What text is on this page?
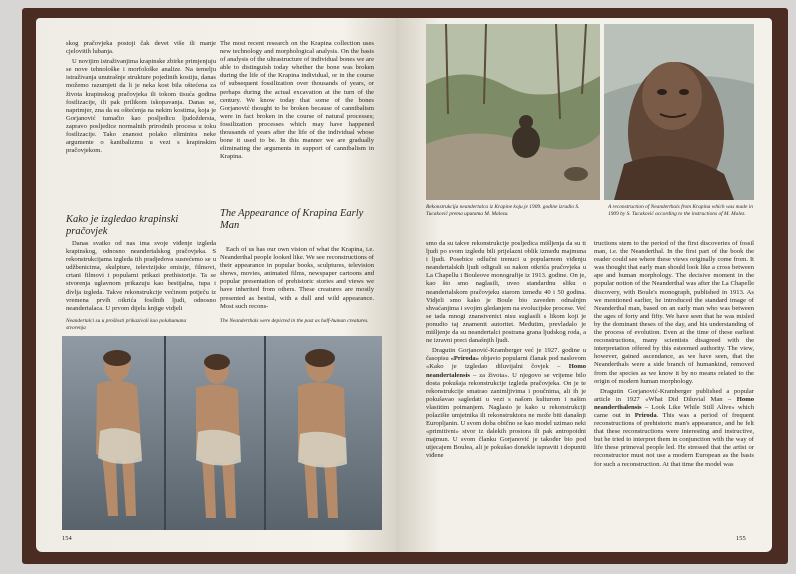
skog pračovjeka postoji čak devet više ili manje cjelovitih lubanja.

U novijim istraživanjima krapinske zbirke primjenjuju se nove tehnološke i morfološke analize. Na temelju istraživanja unutrašnje strukture pojedinih kostiju, danas možemo razumjeti da li je neka kost bila oštećena za života krapinskog pračovjeka ili tokom tisuća godina fosilizacije, ili pak prilikom iskopavanja. Danas se, naprimjer, zna da su oštećenja na nekim kostima, koja je Gorjanović tumačio kao posljedicu ljudoždersta, zapravo posljedice normalnih prirodnih procesa u toku fosilizacije. Tako znanost polako eliminira neke argumente o kanibalizmu u vezi s krapinskim pračovjekom.

The most recent research on the Krapina collection uses new technology and morphological analysis. On the basis of analysis of the ultrastructure of individual bones we are able to distinguish today whether the bone was broken during the life of the Krapina individual, or in the course of subsequent fossilization over thousands of years, or perhaps during the actual excavation at the turn of the century. We know today that some of the bones Gorjanović thought to be broken because of cannibalism were in fact broken in the course of natural processes; fossilization processes which may have happened thousands of years after the life of the individual whose bone it used to be. In this manner we are gradually eliminating the arguments in support of cannibalism in Krapina.

Kako je izgledao krapinski pračovjek
The Appearance of Krapina Early Man

Danas svatko od nas ima svoje viđenje izgleda krapinskog, odnosno neandertalskog pračovjeka. S rekonstrukcijama izgleda tih pradjedova susrećemo se u udžbenicima, skulpture, televizijske emisije, filmovi, crtani filmovi i popularni prikazi prethistorije. Ta se stvorenja uglavnom prikazuju kao bestijalna, tupa i divlja izgleda. Takve rekonstrukcije većinom potječu iz vremena prvih otkrića fosilnih ljudi, odnosno neandertalaca. U prvom dijelu knjige vidjeli

Each of us has our own vision of what the Krapina, i.e. Neanderthal people looked like. We see reconstructions of their appearance in popular books, sculptures, television shows, movies, animated films, newspaper cartoons and popular presentation of prehistoric stories and views we have inherited from others. These creatures are mostly presented as bestial, with a dull and wild appearance. Most such recons-

Neandertalci su u prošlosti prikazivali kao poluhumana stvorenja
The Neanderthals were depicted in the past as half-human creatures.
154
Rekonstrukcija neandertalca iz Krapine koju je 1909. godine izradio S. Tucaković prema uputama M. Maleza.
A reconstruction of Neanderthals from Krapina which was made in 1909 by S. Tucaković according to the instructions of M. Malez.

smo da su takve rekonstrukcije posljedica mišljenja da su ti ljudi po svom izgledu bili prijelazni oblik između majmuna i ljudi. Posebice odlučni trenuci u popularnom viđenju neandertalskih ljudi odigrali su nakon otkrića pračovjeka u La Chapellu i Bouleove monografije iz 1913. godine. On je, kao što smo naglasili, uveo standardnu sliku o neandertalskom pračovjeku starom između 40 i 50 godina. Vidjeli smo kako je Boule bio zaveden odnalnjm shvaćanjima i svojim gledanjem na evolucijske procese. Već se tada mnogi znanstvenici nisu suglasili s likom koji je ponudio taj znamenit autoritet. Međutim, prevladalo je mišljenje da su neandertalci postrana grana ljudskog roda, a ne izravni preci današnjih ljudi.

Dragutin Gorjanović-Kramberger već je 1927. godine u časopisu «Priroda» objavio popularni članak pod naslovom «Kako je izgledao diluvijalni čovjek – Homo neandertalensis – za života». U njegovo se vrijeme bilo dosta pokušaja rekonstrukcije izgleda pračovjeka. On je te rekonstrukcije smatrao zanimljivima i poučnima, ali ih je pokušavao sagledati u vezi s našom kulturom i našim vlastitim poimanjem. Naglasio je kako u rekonstrukciji polazište umjetnika ili rekonstruktora ne može biti današnji Europljanin. U svom doba obično se kao model uzimao neki «primitivni» stvor iz dalekih prostora ili pak antropoidni majmun. U svom članku Gorjanović je također bio pod utjecajem Boulea, ali je pokušao donekle ispraviti i dopuniti viđene

tructions stem to the period of the first discoveries of fossil man, i.e. the Neanderthal. In the first part of the book the reader could see where these views originally come from. It was thought that early man should look like a cross between ape and human morphology. The decisive moment in the popular notion of the Neanderthal was after the La Chapelle discovery, with Boule's monograph, published in 1913. As we mentioned earlier, he introduced the standard image of Neanderthal man, based on an early man who was between the ages of forty and fifty. We have seen that he was misled by the dominant theses of the day, and his understanding of the process of evolution. Even at the time of these earliest reconstructions, many scientists disagreed with the interpretation offered by this esteemed authority. The view, however, gained ascendance, as we have seen, that the Neanderthals were a side branch of humankind, removed from the species as we know it by no means related to the origin of modern human morphology.

Dragutin Gorjanović-Kramberger published a popular article in 1927 «What Did Diluvial Man – Homo neanderthalensis – Look Like While Still Alive» which came out in Priroda. This was a period of frequent reconstructions of prehistoric man's appearance, and he felt that these reconstructions were interesting and instructive, but he tried to interpret them in conjunction with the way of life these primeval people led. He stressed that the artist or reconstructor must not use a modern European as the basis for such a reconstruction. At that time the model was

155
